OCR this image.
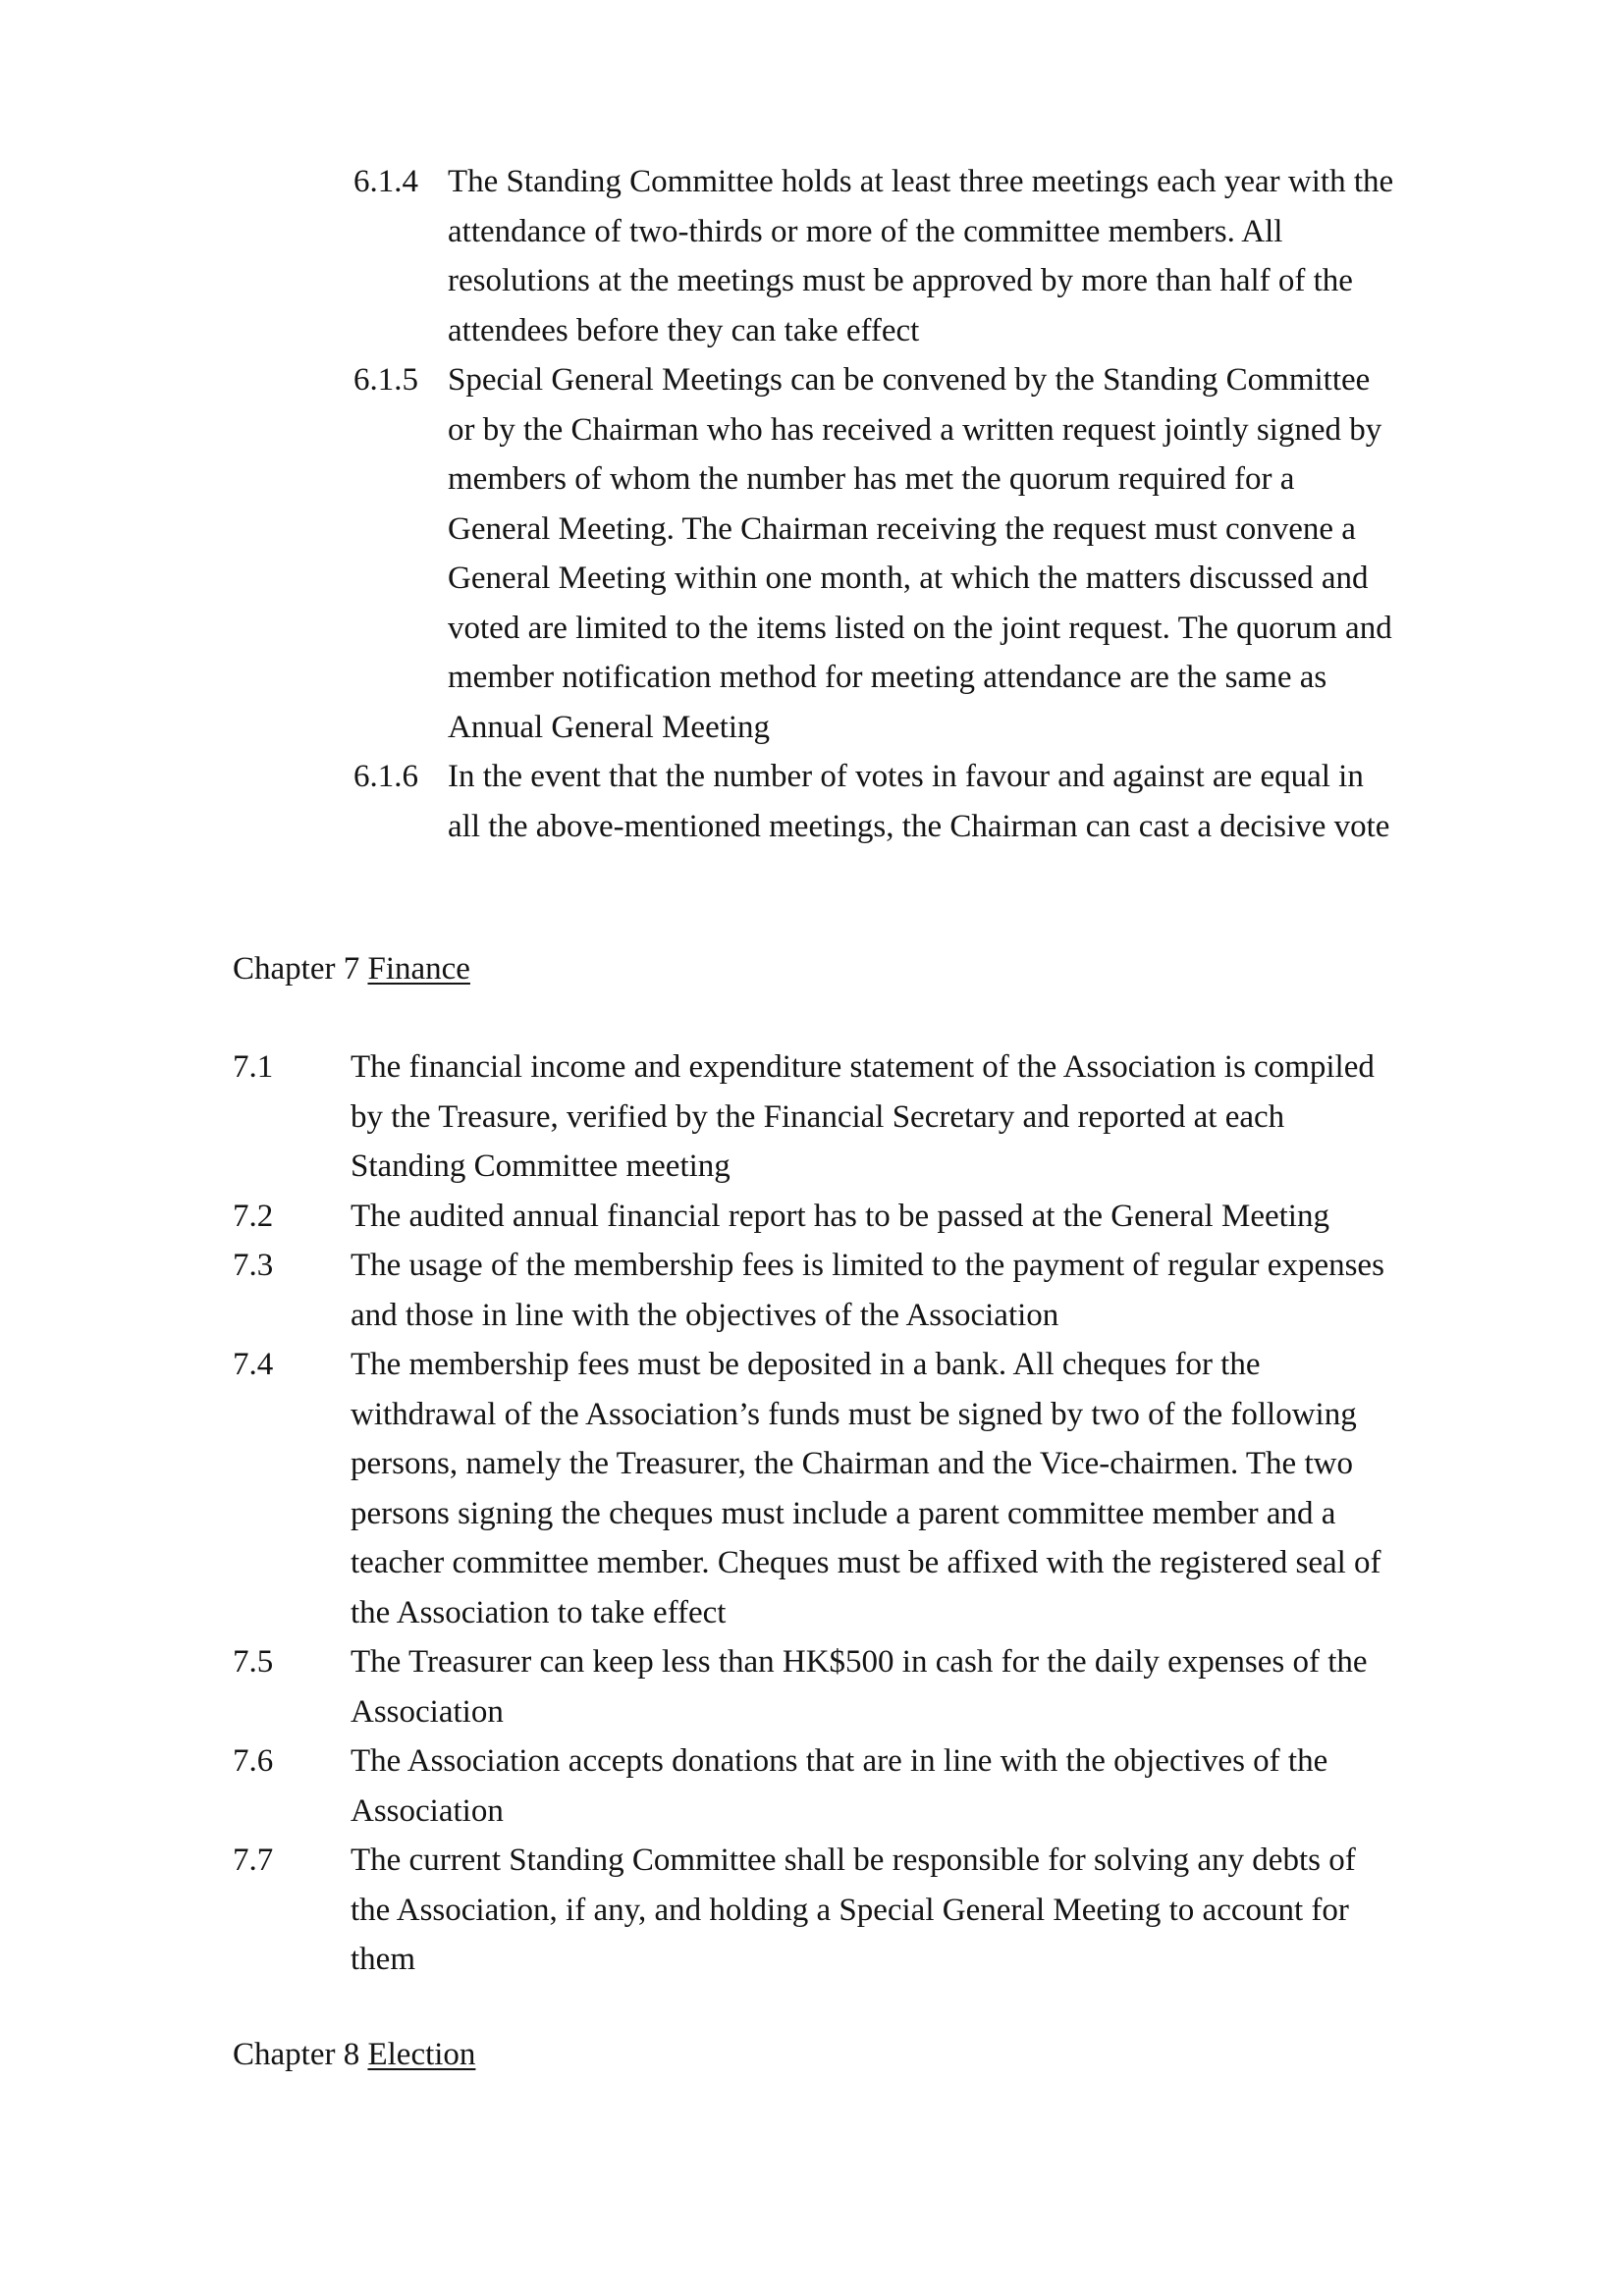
6.1.4 The Standing Committee holds at least three meetings each year with the attendance of two-thirds or more of the committee members. All resolutions at the meetings must be approved by more than half of the attendees before they can take effect
6.1.5 Special General Meetings can be convened by the Standing Committee or by the Chairman who has received a written request jointly signed by members of whom the number has met the quorum required for a General Meeting. The Chairman receiving the request must convene a General Meeting within one month, at which the matters discussed and voted are limited to the items listed on the joint request. The quorum and member notification method for meeting attendance are the same as Annual General Meeting
6.1.6 In the event that the number of votes in favour and against are equal in all the above-mentioned meetings, the Chairman can cast a decisive vote
Chapter 7 Finance
7.1	The financial income and expenditure statement of the Association is compiled by the Treasure, verified by the Financial Secretary and reported at each Standing Committee meeting
7.2	The audited annual financial report has to be passed at the General Meeting
7.3	The usage of the membership fees is limited to the payment of regular expenses and those in line with the objectives of the Association
7.4	The membership fees must be deposited in a bank. All cheques for the withdrawal of the Association’s funds must be signed by two of the following persons, namely the Treasurer, the Chairman and the Vice-chairmen. The two persons signing the cheques must include a parent committee member and a teacher committee member. Cheques must be affixed with the registered seal of the Association to take effect
7.5	The Treasurer can keep less than HK$500 in cash for the daily expenses of the Association
7.6	The Association accepts donations that are in line with the objectives of the Association
7.7	The current Standing Committee shall be responsible for solving any debts of the Association, if any, and holding a Special General Meeting to account for them
Chapter 8 Election
